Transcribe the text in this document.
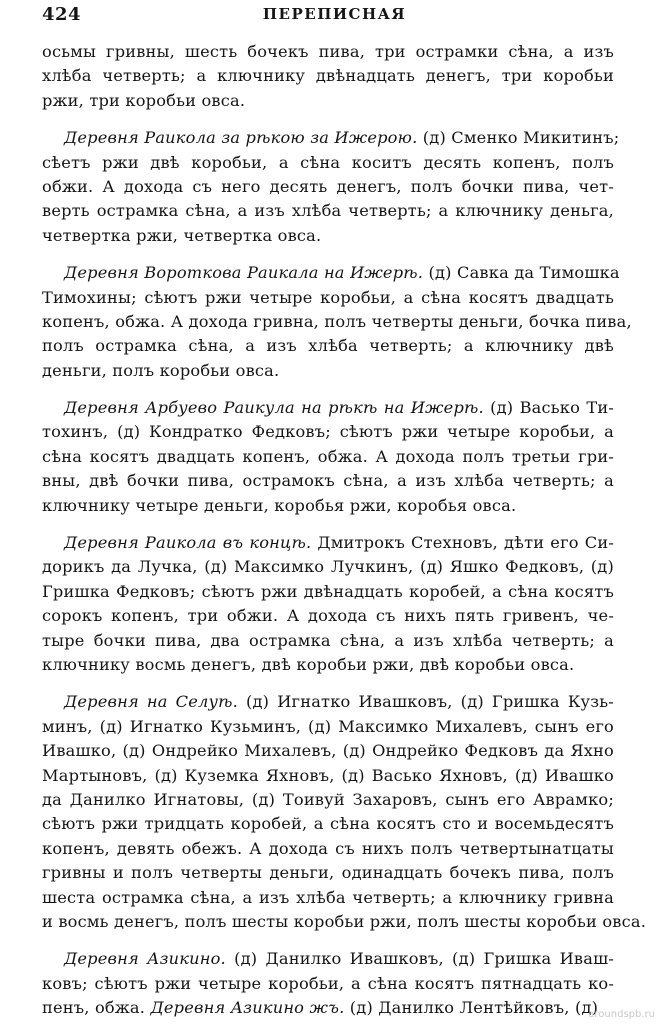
424	ПЕРЕПИСНАЯ
осьмы гривны, шесть бочекъ пива, три острамки сѣна, а изъ
хлѣба четверть; а ключнику двѣнадцать денегъ, три коробьи
ржи, три коробьи овса.
Деревня Раикола за рѣкою за Ижерою. (д) Сменко Микитинъ;
сѣетъ ржи двѣ коробьи, а сѣна коситъ десять копенъ, полъ
обжи. А дохода съ него десять денегъ, полъ бочки пива, чет-
верть острамка сѣна, а изъ хлѣба четверть; а ключнику деньга,
четвертка ржи, четвертка овса.
Деревня Вороткова Раикала на Ижерѣ. (д) Савка да Тимошка
Тимохины; сѣютъ ржи четыре коробьи, а сѣна косятъ двадцать
копенъ, обжа. А дохода гривна, полъ четверты деньги, бочка пива,
полъ острамка сѣна, а изъ хлѣба четверть; а ключнику двѣ
деньги, полъ коробьи овса.
Деревня Арбуево Раикула на рѣкѣ на Ижерѣ. (д) Васько Ти-
тохинъ, (д) Кондратко Федковъ; сѣютъ ржи четыре коробьи, а
сѣна косятъ двадцать копенъ, обжа. А дохода полъ третьи гри-
вны, двѣ бочки пива, острамокъ сѣна, а изъ хлѣба четверть; а
ключнику четыре деньги, коробья ржи, коробья овса.
Деревня Раикола въ концѣ. Дмитрокъ Стехновъ, дѣти его Си-
дорикъ да Лучка, (д) Максимко Лучкинъ, (д) Яшко Федковъ, (д)
Гришка Федковъ; сѣютъ ржи двѣнадцать коробей, а сѣна косятъ
сорокъ копенъ, три обжи. А дохода съ нихъ пять гривенъ, че-
тыре бочки пива, два острамка сѣна, а изъ хлѣба четверть; а
ключнику восмь денегъ, двѣ коробьи ржи, двѣ коробьи овса.
Деревня на Селуѣ. (д) Игнатко Ивашковъ, (д) Гришка Кузь-
минъ, (д) Игнатко Кузьминъ, (д) Максимко Михалевъ, сынъ его
Ивашко, (д) Ондрейко Михалевъ, (д) Ондрейко Федковъ да Яхно
Мартыновъ, (д) Куземка Яхновъ, (д) Васько Яхновъ, (д) Ивашко
да Данилко Игнатовы, (д) Тоивуй Захаровъ, сынъ его Аврамко;
сѣютъ ржи тридцать коробей, а сѣна косятъ сто и восемьдесятъ
копенъ, девять обежъ. А дохода съ нихъ полъ четвертынатцаты
гривны и полъ четверты деньги, одинадцать бочекъ пива, полъ
шеста острамка сѣна, а изъ хлѣба четверть; а ключнику гривна
и восмь денегъ, полъ шесты коробьи ржи, полъ шесты коробьи овса.
Деревня Азикино. (д) Данилко Ивашковъ, (д) Гришка Иваш-
ковъ; сѣютъ ржи четыре коробьи, а сѣна косятъ пятнадцать ко-
пенъ, обжа. Деревня Азикино жъ. (д) Данилко Лентѣйковъ, (д)
aroundspb.ru
